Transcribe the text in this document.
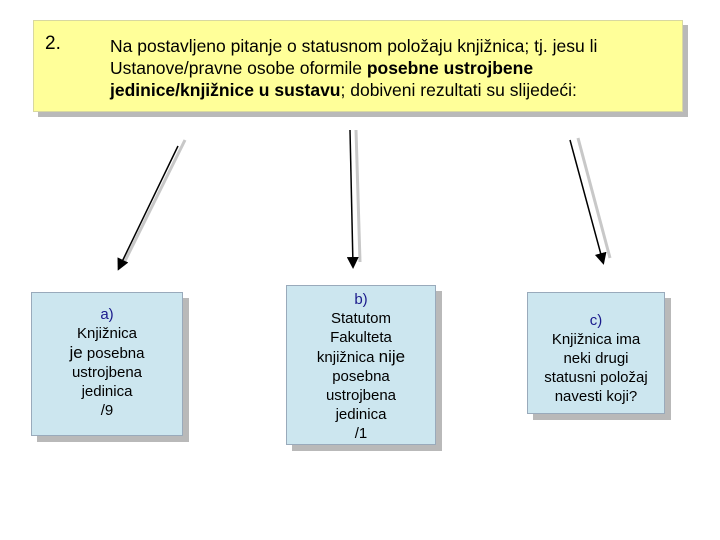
2.	Na postavljeno pitanje o statusnom položaju knjižnica; tj. jesu li
Ustanove/pravne osobe oformile posebne ustrojbene
jedinice/knjižnice u sustavu; dobiveni rezultati su slijedeći:
a)
Knjižnica
je posebna
ustrojbena
jedinica
/9
b)
Statutom
Fakulteta
knjižnica nije
posebna
ustrojbena
jedinica
/1
c)
Knjižnica ima
neki drugi
statusni položaj
navesti koji?
